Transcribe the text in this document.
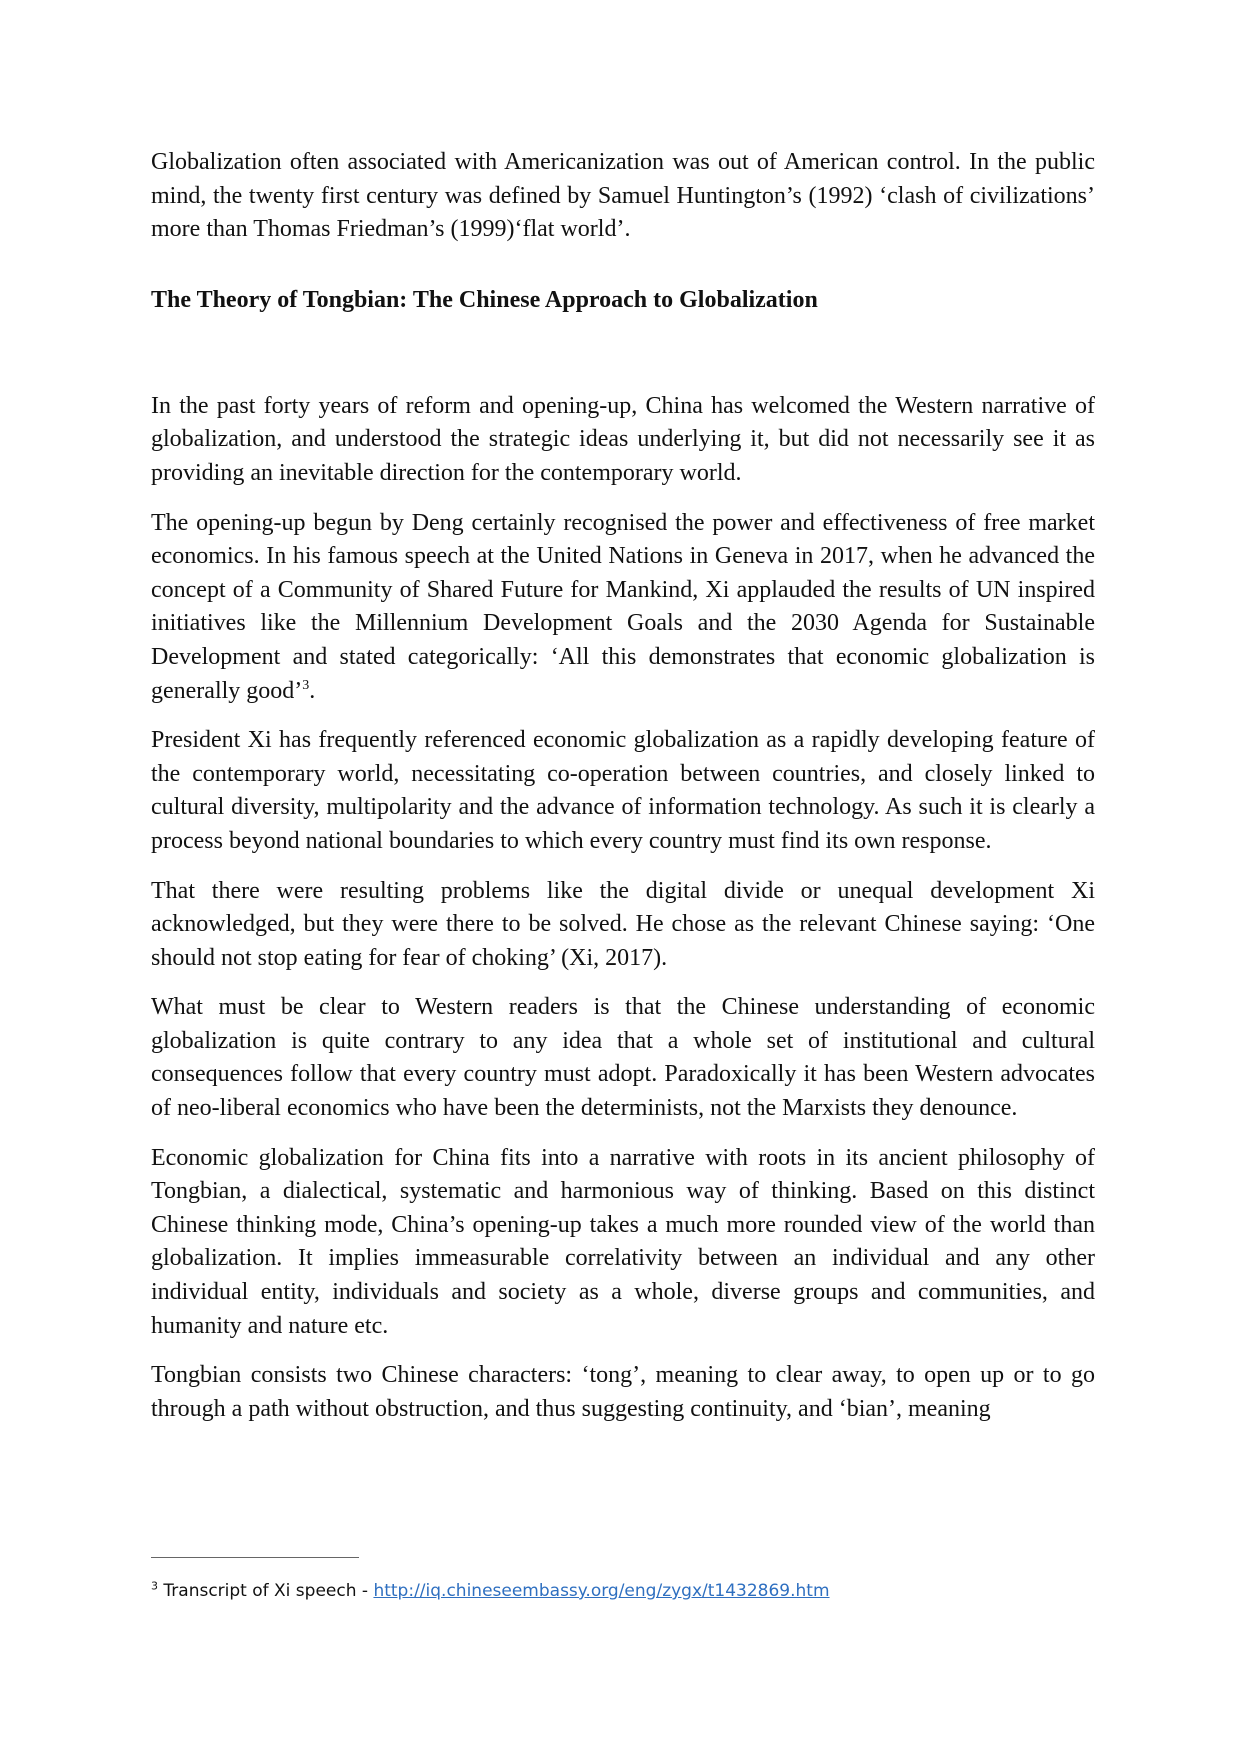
Globalization often associated with Americanization was out of American control. In the public mind, the twenty first century was defined by Samuel Huntington’s (1992) ‘clash of civilizations’ more than Thomas Friedman’s (1999)‘flat world’.

The Theory of Tongbian: The Chinese Approach to Globalization

In the past forty years of reform and opening-up, China has welcomed the Western narrative of globalization, and understood the strategic ideas underlying it, but did not necessarily see it as providing an inevitable direction for the contemporary world.

The opening-up begun by Deng certainly recognised the power and effectiveness of free market economics. In his famous speech at the United Nations in Geneva in 2017, when he advanced the concept of a Community of Shared Future for Mankind, Xi applauded the results of UN inspired initiatives like the Millennium Development Goals and the 2030 Agenda for Sustainable Development and stated categorically: ‘All this demonstrates that economic globalization is generally good’$^3$.

President Xi has frequently referenced economic globalization as a rapidly developing feature of the contemporary world, necessitating co-operation between countries, and closely linked to cultural diversity, multipolarity and the advance of information technology. As such it is clearly a process beyond national boundaries to which every country must find its own response.

That there were resulting problems like the digital divide or unequal development Xi acknowledged, but they were there to be solved. He chose as the relevant Chinese saying: ‘One should not stop eating for fear of choking’ (Xi, 2017).

What must be clear to Western readers is that the Chinese understanding of economic globalization is quite contrary to any idea that a whole set of institutional and cultural consequences follow that every country must adopt. Paradoxically it has been Western advocates of neo-liberal economics who have been the determinists, not the Marxists they denounce.

Economic globalization for China fits into a narrative with roots in its ancient philosophy of Tongbian, a dialectical, systematic and harmonious way of thinking. Based on this distinct Chinese thinking mode, China’s opening-up takes a much more rounded view of the world than globalization. It implies immeasurable correlativity between an individual and any other individual entity, individuals and society as a whole, diverse groups and communities, and humanity and nature etc.

Tongbian consists two Chinese characters: ‘tong’, meaning to clear away, to open up or to go through a path without obstruction, and thus suggesting continuity, and ‘bian’, meaning

$^3$ Transcript of Xi speech - http://iq.chineseembassy.org/eng/zygx/t1432869.htm
